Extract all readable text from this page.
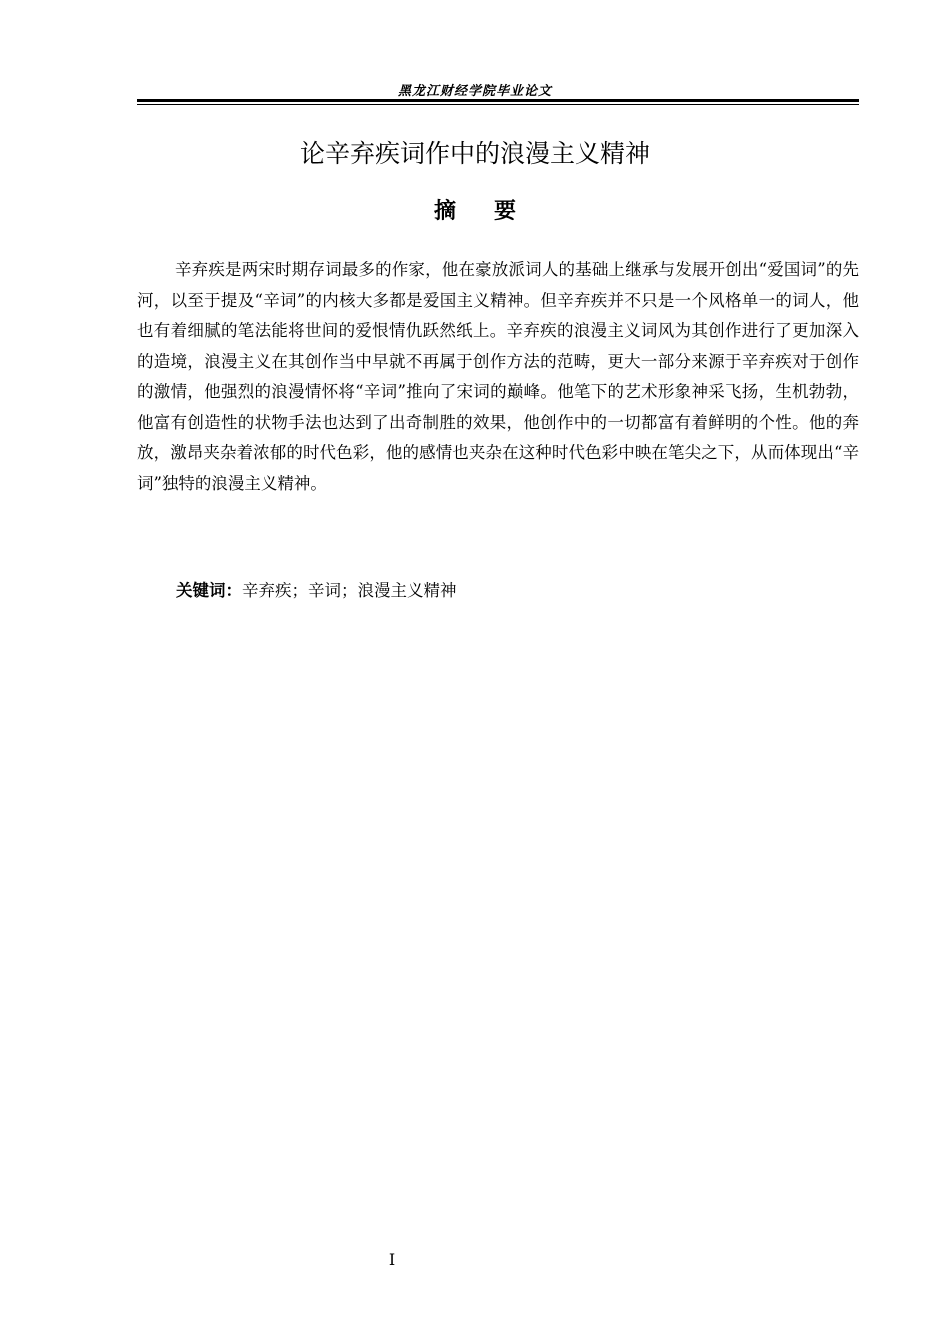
黑龙江财经学院毕业论文
论辛弃疾词作中的浪漫主义精神
摘要

辛弃疾是两宋时期存词最多的作家，他在豪放派词人的基础上继承与发展开创出“爱国词”的先河，以至于提及“辛词”的内核大多都是爱国主义精神。但辛弃疾并不只是一个风格单一的词人，他也有着细腻的笔法能将世间的爱恨情仇跃然纸上。辛弃疾的浪漫主义词风为其创作进行了更加深入的造境，浪漫主义在其创作当中早就不再属于创作方法的范畴，更大一部分来源于辛弃疾对于创作的激情，他强烈的浪漫情怀将“辛词”推向了宋词的巅峰。他笔下的艺术形象神采飞扬，生机勃勃，他富有创造性的状物手法也达到了出奇制胜的效果，他创作中的一切都富有着鲜明的个性。他的奔放，激昂夹杂着浓郁的时代色彩，他的感情也夹杂在这种时代色彩中映在笔尖之下，从而体现出“辛词”独特的浪漫主义精神。

关键词：辛弃疾；辛词；浪漫主义精神
I
